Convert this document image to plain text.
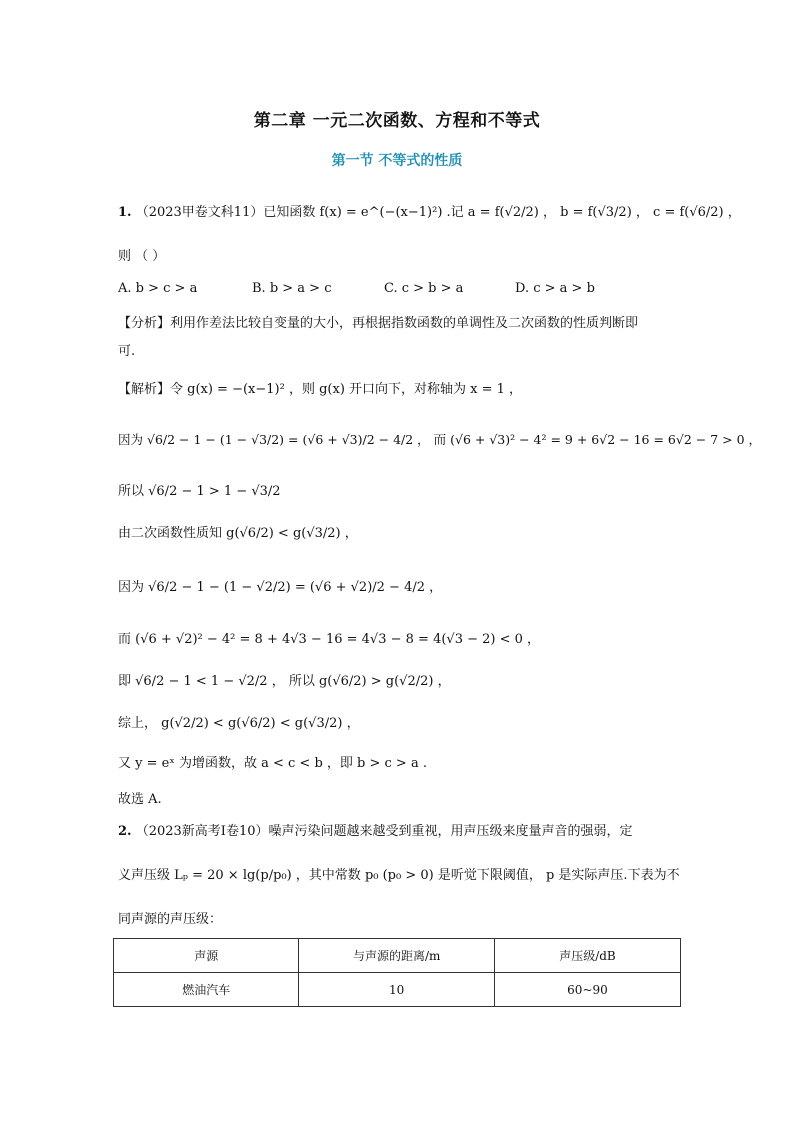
第二章 一元二次函数、方程和不等式
第一节 不等式的性质
1. （2023甲卷文科11）已知函数 f(x) = e^(−(x−1)²) .记 a = f(√2/2) ， b = f(√3/2) ， c = f(√6/2) ，
则 （ ）
A. b > c > a	B. b > a > c	C. c > b > a	D. c > a > b
【分析】利用作差法比较自变量的大小，再根据指数函数的单调性及二次函数的性质判断即
可.
【解析】令 g(x) = −(x−1)² ，则 g(x) 开口向下，对称轴为 x = 1 ，
因为 √6/2 − 1 − (1 − √3/2) = (√6 + √3)/2 − 4/2 ， 而 (√6 + √3)² − 4² = 9 + 6√2 − 16 = 6√2 − 7 > 0 ，
所以 √6/2 − 1 > 1 − √3/2
由二次函数性质知 g(√6/2) < g(√3/2) ，
因为 √6/2 − 1 − (1 − √2/2) = (√6 + √2)/2 − 4/2 ，
而 (√6 + √2)² − 4² = 8 + 4√3 − 16 = 4√3 − 8 = 4(√3 − 2) < 0 ，
即 √6/2 − 1 < 1 − √2/2 ， 所以 g(√6/2) > g(√2/2) ，
综上， g(√2/2) < g(√6/2) < g(√3/2) ，
又 y = eˣ 为增函数，故 a < c < b ，即 b > c > a .
故选 A.
2. （2023新高考Ⅰ卷10）噪声污染问题越来越受到重视，用声压级来度量声音的强弱，定
义声压级 Lₚ = 20 × lg(p/p₀) ，其中常数 p₀ (p₀ > 0) 是听觉下限阈值， p 是实际声压.下表为不
同声源的声压级：
声源	与声源的距离/m	声压级/dB
燃油汽车	10	60~90
